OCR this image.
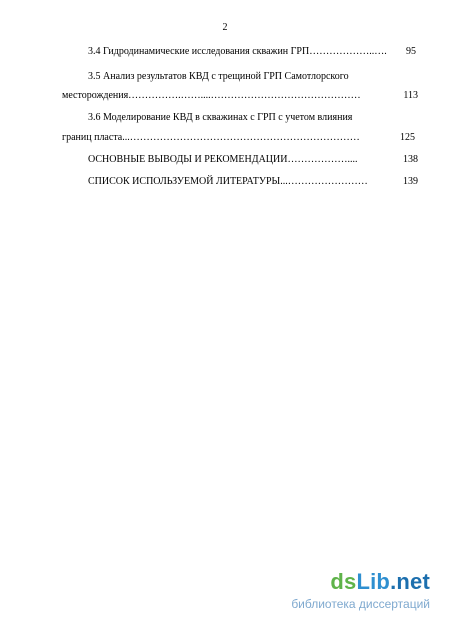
2
3.4 Гидродинамические исследования скважин ГРП………………..….	95
3.5 Анализ результатов КВД с трещиной ГРП Самотлорского
месторождения…………….……....………………………………………	113
3.6 Моделирование КВД в скважинах с ГРП с учетом влияния
границ пласта...……………………………………………………………	125
ОСНОВНЫЕ ВЫВОДЫ И РЕКОМЕНДАЦИИ………………....	138
СПИСОК ИСПОЛЬЗУЕМОЙ ЛИТЕРАТУРЫ...……………………	139
dsLib.net
библиотека диссертаций
